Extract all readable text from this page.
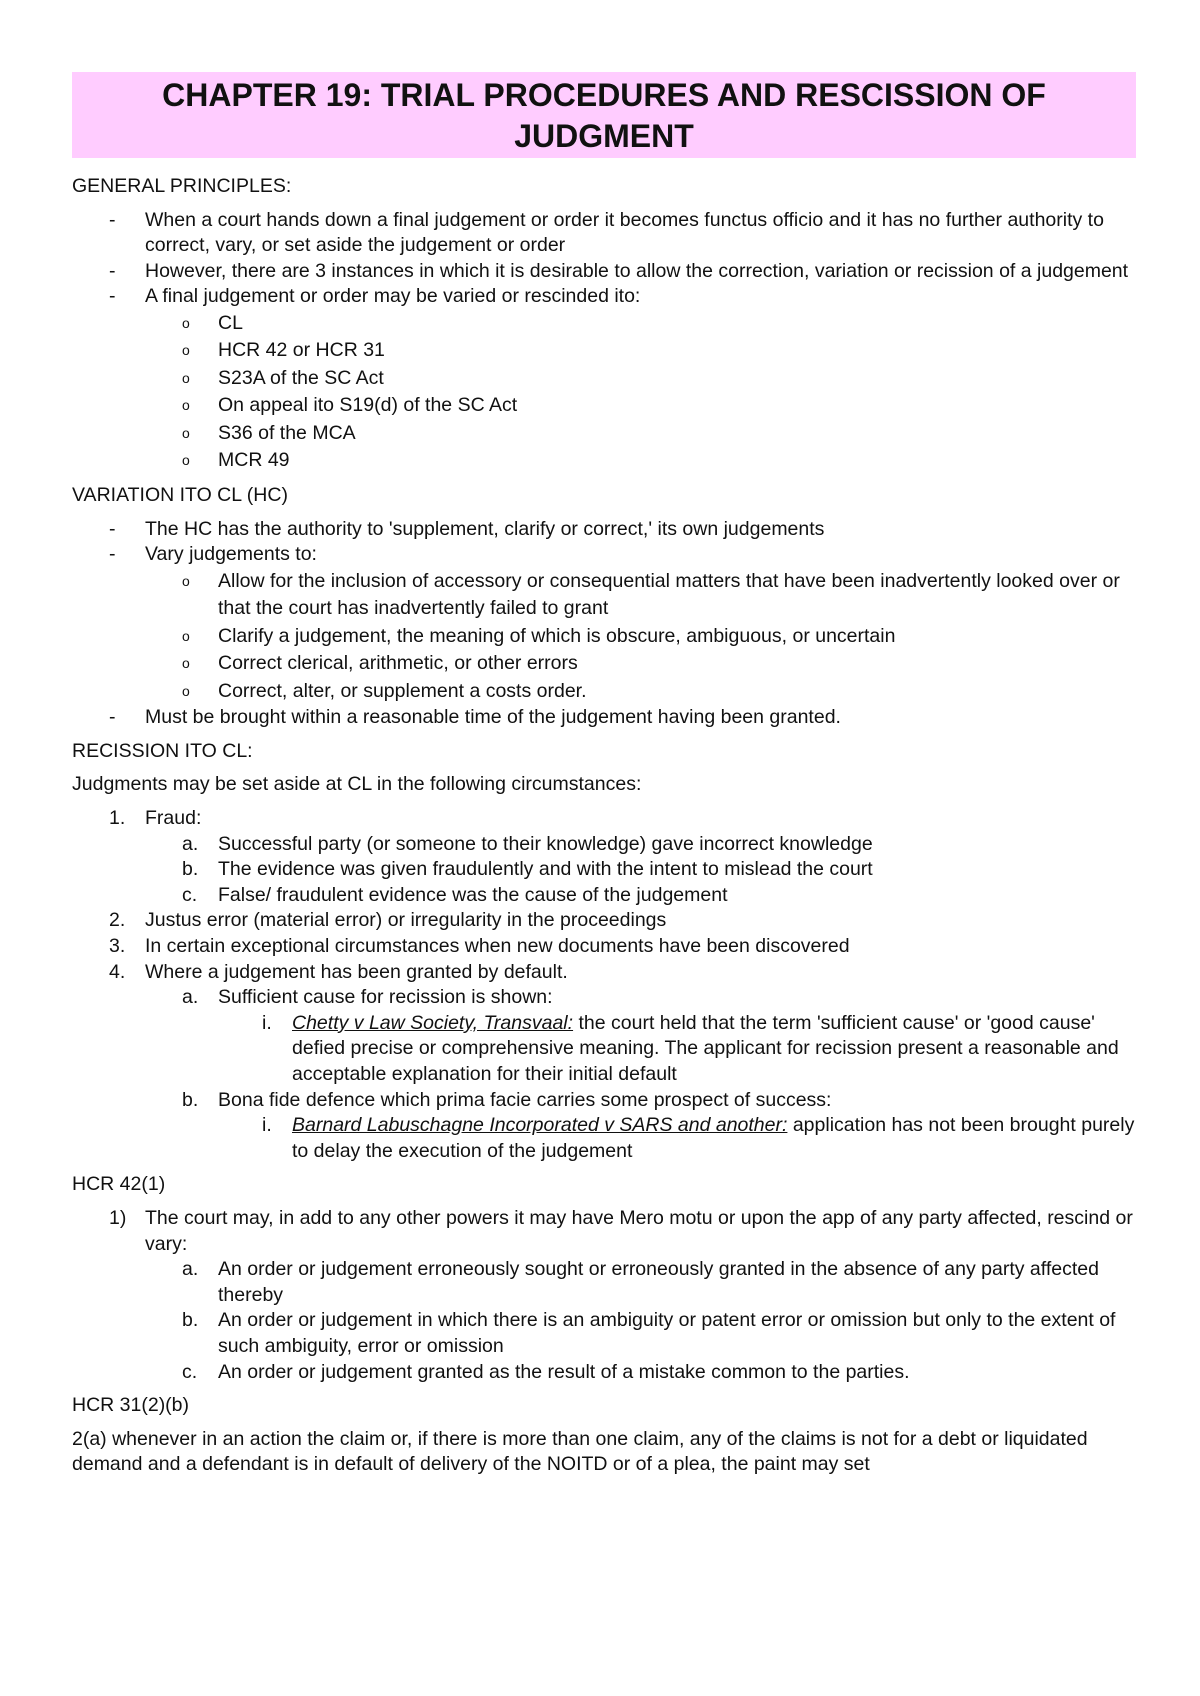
CHAPTER 19: TRIAL PROCEDURES AND RESCISSION OF JUDGMENT
GENERAL PRINCIPLES:
- When a court hands down a final judgement or order it becomes functus officio and it has no further authority to correct, vary, or set aside the judgement or order
- However, there are 3 instances in which it is desirable to allow the correction, variation or recission of a judgement
- A final judgement or order may be varied or rescinded ito:
o CL
o HCR 42 or HCR 31
o S23A of the SC Act
o On appeal ito S19(d) of the SC Act
o S36 of the MCA
o MCR 49
VARIATION ITO CL (HC)
- The HC has the authority to 'supplement, clarify or correct,' its own judgements
- Vary judgements to:
o Allow for the inclusion of accessory or consequential matters that have been inadvertently looked over or that the court has inadvertently failed to grant
o Clarify a judgement, the meaning of which is obscure, ambiguous, or uncertain
o Correct clerical, arithmetic, or other errors
o Correct, alter, or supplement a costs order.
- Must be brought within a reasonable time of the judgement having been granted.
RECISSION ITO CL:
Judgments may be set aside at CL in the following circumstances:
1. Fraud:
a. Successful party (or someone to their knowledge) gave incorrect knowledge
b. The evidence was given fraudulently and with the intent to mislead the court
c. False/ fraudulent evidence was the cause of the judgement
2. Justus error (material error) or irregularity in the proceedings
3. In certain exceptional circumstances when new documents have been discovered
4. Where a judgement has been granted by default.
a. Sufficient cause for recission is shown:
i. Chetty v Law Society, Transvaal: the court held that the term 'sufficient cause' or 'good cause' defied precise or comprehensive meaning. The applicant for recission present a reasonable and acceptable explanation for their initial default
b. Bona fide defence which prima facie carries some prospect of success:
i. Barnard Labuschagne Incorporated v SARS and another: application has not been brought purely to delay the execution of the judgement
HCR 42(1)
1) The court may, in add to any other powers it may have Mero motu or upon the app of any party affected, rescind or vary:
a. An order or judgement erroneously sought or erroneously granted in the absence of any party affected thereby
b. An order or judgement in which there is an ambiguity or patent error or omission but only to the extent of such ambiguity, error or omission
c. An order or judgement granted as the result of a mistake common to the parties.
HCR 31(2)(b)
2(a) whenever in an action the claim or, if there is more than one claim, any of the claims is not for a debt or liquidated demand and a defendant is in default of delivery of the NOITD or of a plea, the paint may set
